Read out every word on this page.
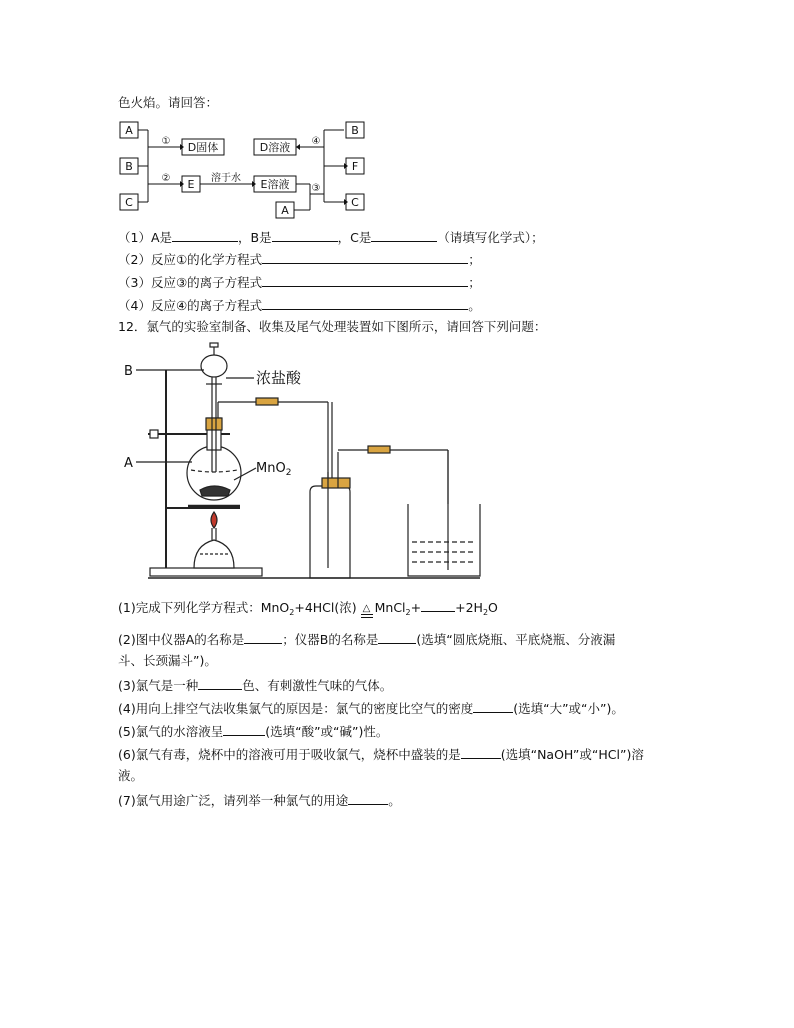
色火焰。请回答：
A
B
C
D固体
E	E溶液
A
D溶液
B
F
C
①
②
③
④
溶于水
（1）A是	，B是	，C是	（请填写化学式）；
（2）反应①的化学方程式	；
（3）反应③的离子方程式	；
（4）反应④的离子方程式	。
12．氯气的实验室制备、收集及尾气处理装置如下图所示，请回答下列问题：
B
A
浓盐酸
MnO$_2$
(1)完成下列化学方程式：MnO$_2$+4HCl(浓) △ MnCl$_2$+	$+2H_2O$
(2)图中仪器A的名称是	；仪器B的名称是	(选填“圆底烧瓶、平底烧瓶、分液漏
斗、长颈漏斗”)。
(3)氯气是一种	色、有刺激性气味的气体。
(4)用向上排空气法收集氯气的原因是：氯气的密度比空气的密度	(选填“大”或“小”)。
(5)氯气的水溶液呈	(选填“酸”或“碱”)性。
(6)氯气有毒，烧杯中的溶液可用于吸收氯气，烧杯中盛装的是	(选填“NaOH”或“HCl”)溶
液。
(7)氯气用途广泛，请列举一种氯气的用途	。
